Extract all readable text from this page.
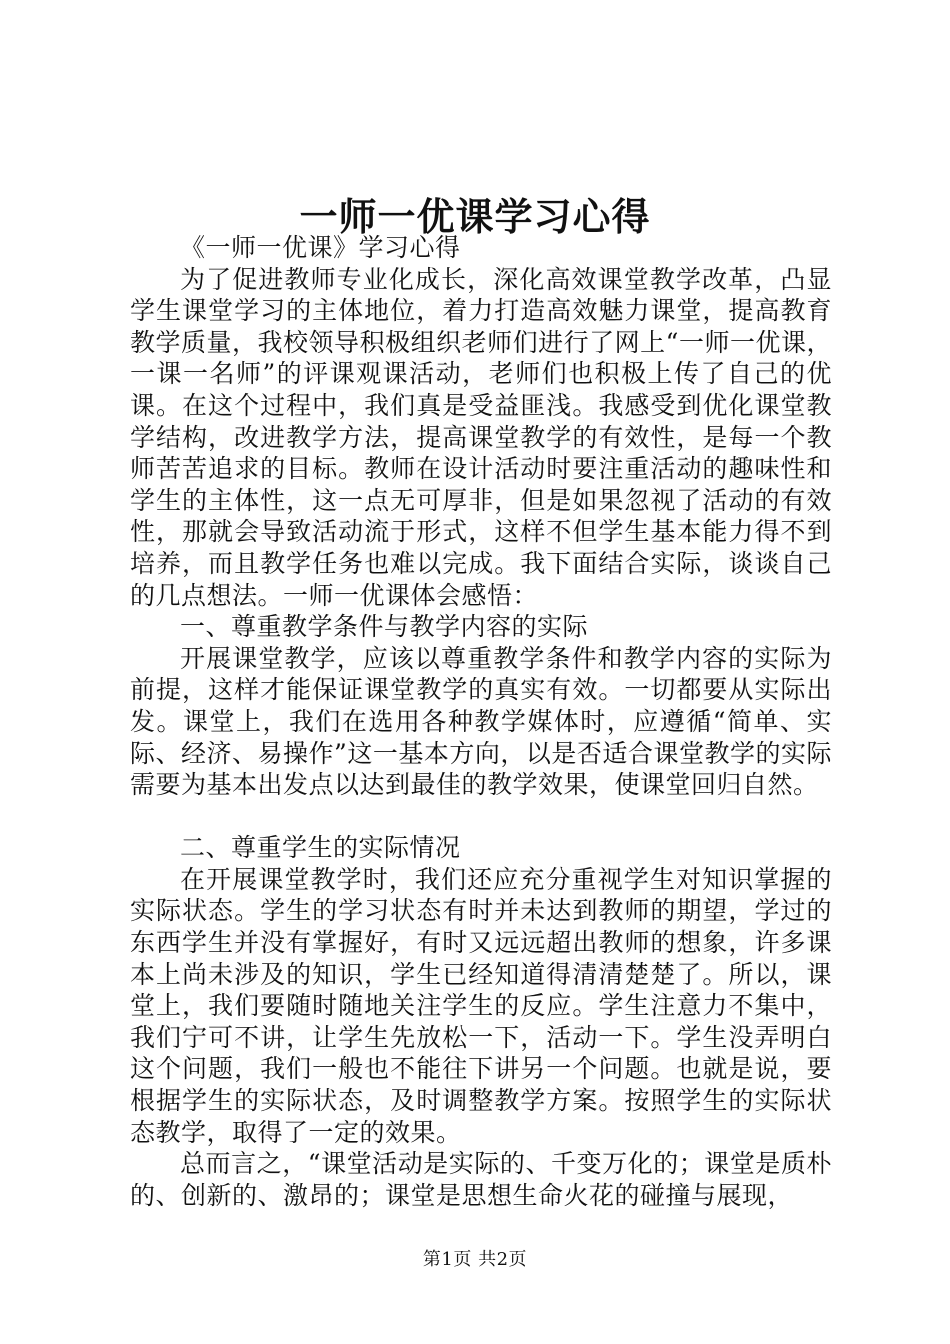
一师一优课学习心得

《一师一优课》学习心得

为了促进教师专业化成长，深化高效课堂教学改革，凸显学生课堂学习的主体地位，着力打造高效魅力课堂，提高教育教学质量，我校领导积极组织老师们进行了网上“一师一优课，一课一名师”的评课观课活动，老师们也积极上传了自己的优课。在这个过程中，我们真是受益匪浅。我感受到优化课堂教学结构，改进教学方法，提高课堂教学的有效性，是每一个教师苦苦追求的目标。教师在设计活动时要注重活动的趣味性和学生的主体性，这一点无可厚非，但是如果忽视了活动的有效性，那就会导致活动流于形式，这样不但学生基本能力得不到培养，而且教学任务也难以完成。我下面结合实际，谈谈自己的几点想法。一师一优课体会感悟：

一、尊重教学条件与教学内容的实际

开展课堂教学，应该以尊重教学条件和教学内容的实际为前提，这样才能保证课堂教学的真实有效。一切都要从实际出发。课堂上，我们在选用各种教学媒体时，应遵循“简单、实际、经济、易操作”这一基本方向，以是否适合课堂教学的实际需要为基本出发点以达到最佳的教学效果，使课堂回归自然。

二、尊重学生的实际情况

在开展课堂教学时，我们还应充分重视学生对知识掌握的实际状态。学生的学习状态有时并未达到教师的期望，学过的东西学生并没有掌握好，有时又远远超出教师的想象，许多课本上尚未涉及的知识，学生已经知道得清清楚楚了。所以，课堂上，我们要随时随地关注学生的反应。学生注意力不集中，我们宁可不讲，让学生先放松一下，活动一下。学生没弄明白这个问题，我们一般也不能往下讲另一个问题。也就是说，要根据学生的实际状态，及时调整教学方案。按照学生的实际状态教学，取得了一定的效果。

总而言之，“课堂活动是实际的、千变万化的；课堂是质朴的、创新的、激昂的；课堂是思想生命火花的碰撞与展现，

第1页 共2页
